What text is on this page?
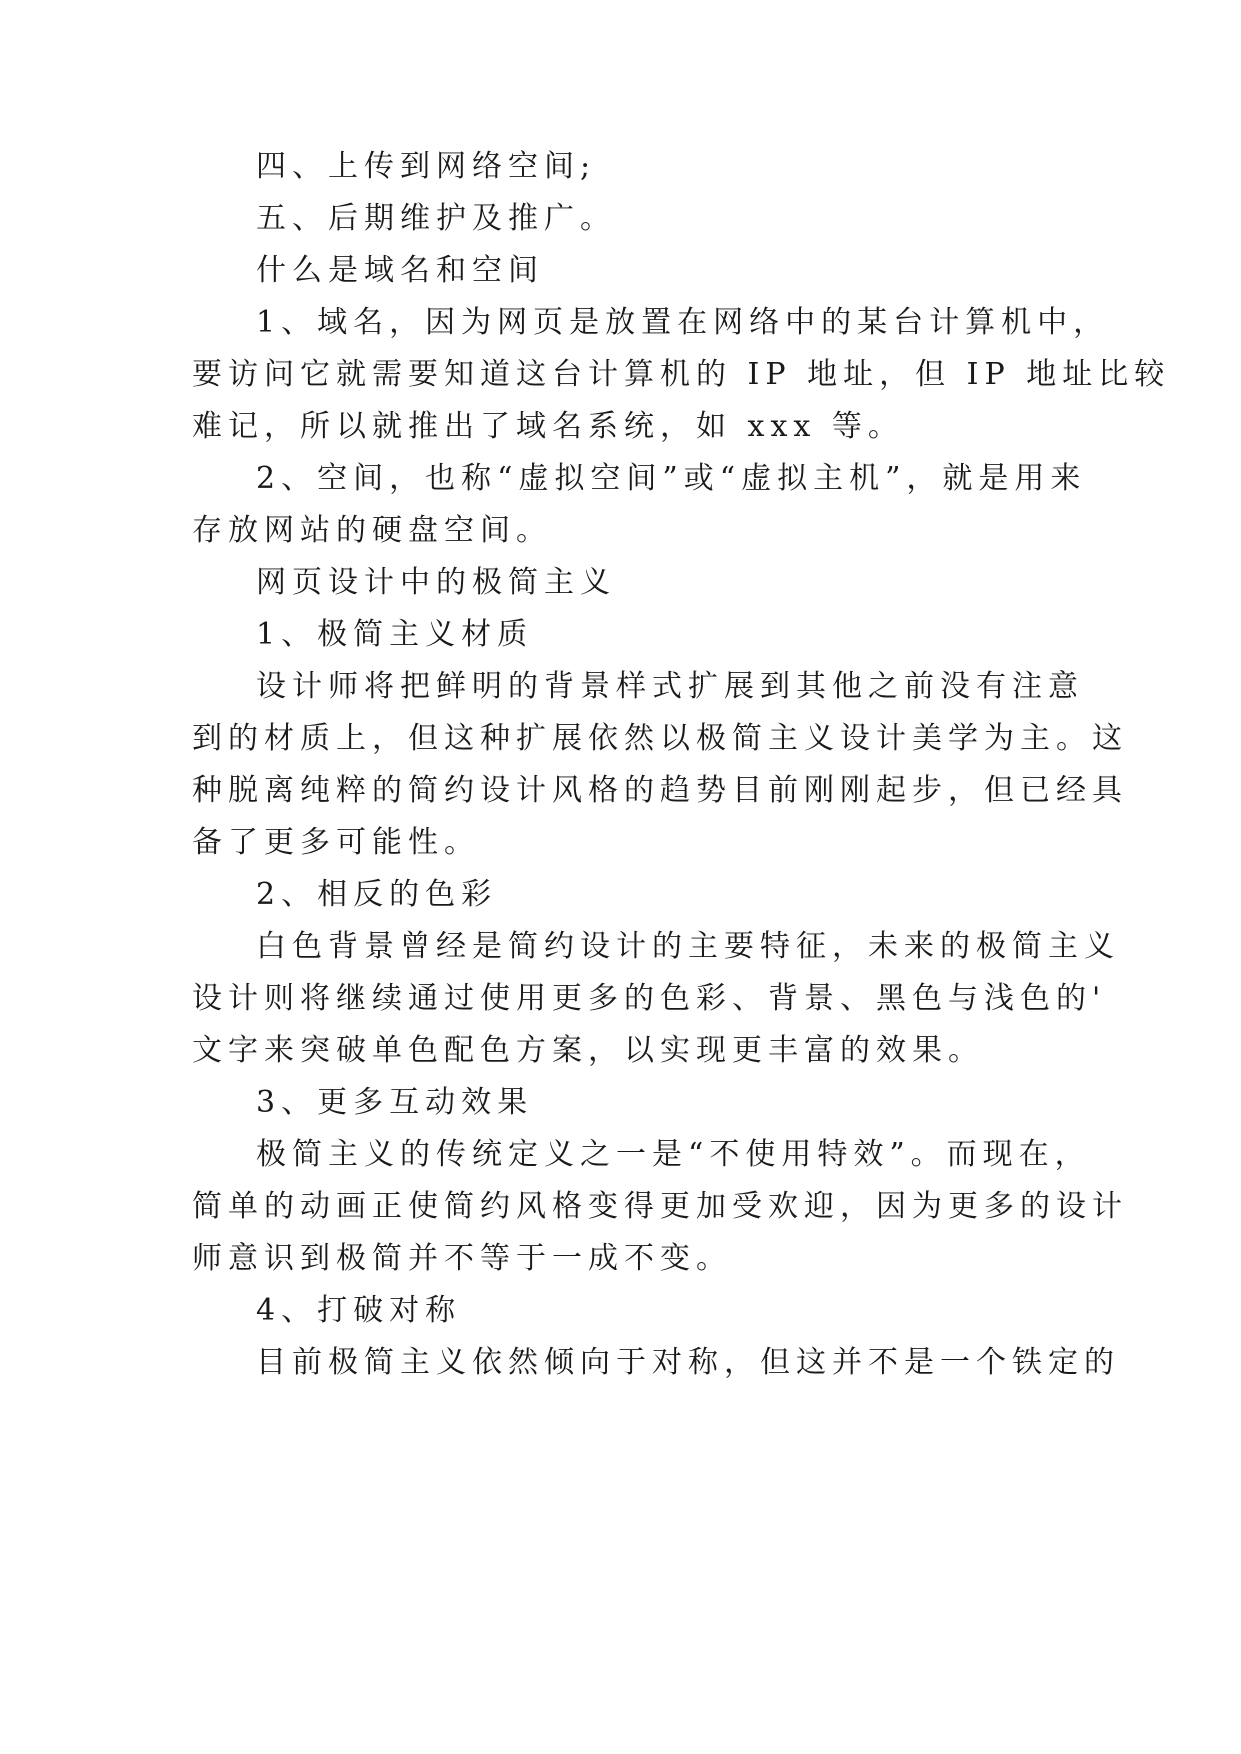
四、上传到网络空间;
五、后期维护及推广。
什么是域名和空间
1、域名，因为网页是放置在网络中的某台计算机中，
要访问它就需要知道这台计算机的 IP 地址，但 IP 地址比较
难记，所以就推出了域名系统，如 xxx 等。
2、空间，也称“虚拟空间”或“虚拟主机”，就是用来
存放网站的硬盘空间。
网页设计中的极简主义
1、极简主义材质
设计师将把鲜明的背景样式扩展到其他之前没有注意
到的材质上，但这种扩展依然以极简主义设计美学为主。这
种脱离纯粹的简约设计风格的趋势目前刚刚起步，但已经具
备了更多可能性。
2、相反的色彩
白色背景曾经是简约设计的主要特征，未来的极简主义
设计则将继续通过使用更多的色彩、背景、黑色与浅色的'
文字来突破单色配色方案，以实现更丰富的效果。
3、更多互动效果
极简主义的传统定义之一是“不使用特效”。而现在，
简单的动画正使简约风格变得更加受欢迎，因为更多的设计
师意识到极简并不等于一成不变。
4、打破对称
目前极简主义依然倾向于对称，但这并不是一个铁定的
